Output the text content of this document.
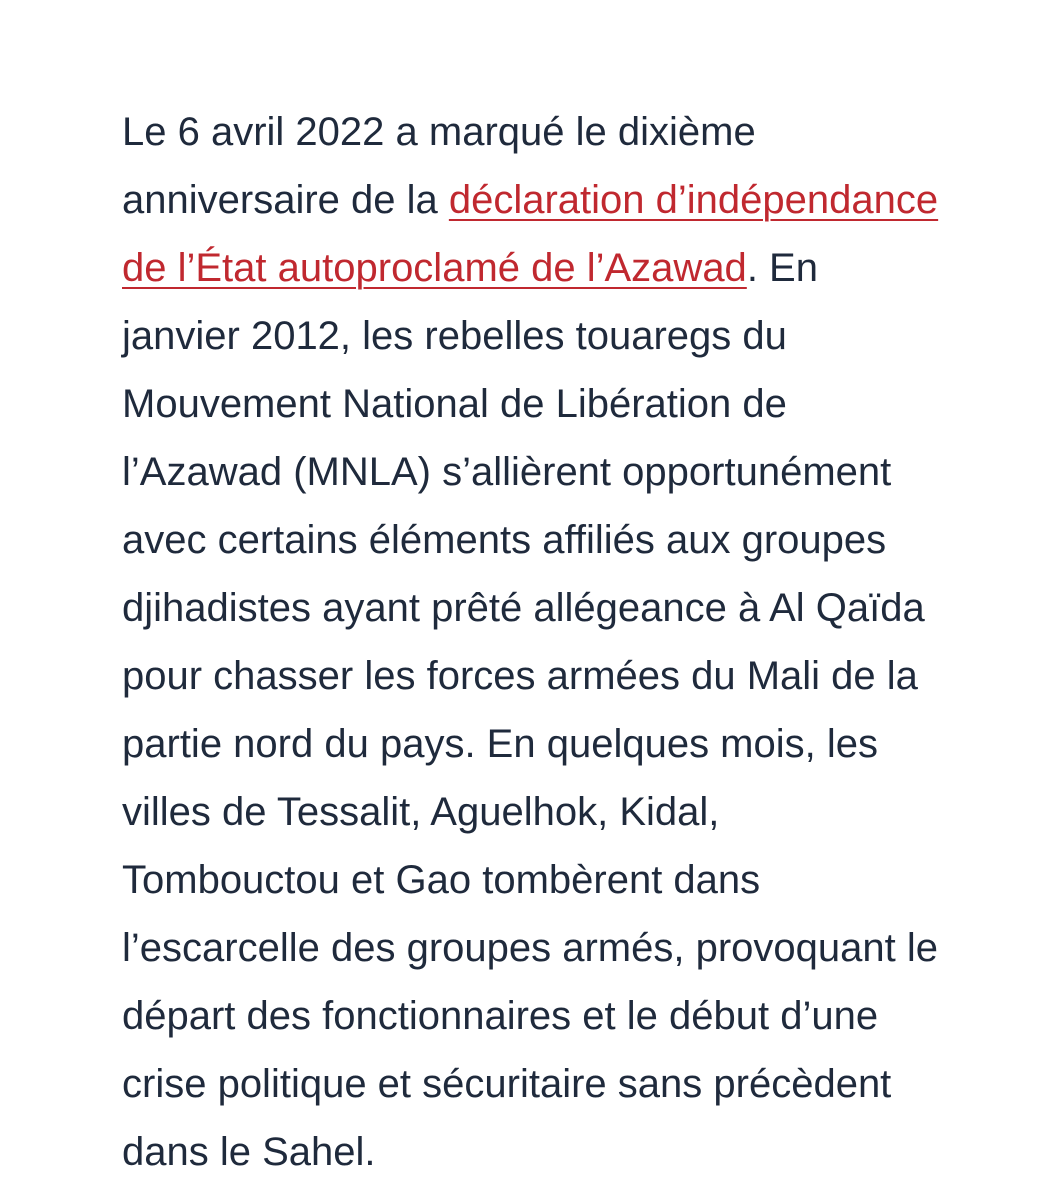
Le 6 avril 2022 a marqué le dixième anniversaire de la déclaration d’indépendance de l’État autoproclamé de l’Azawad. En janvier 2012, les rebelles touaregs du Mouvement National de Libération de l’Azawad (MNLA) s’allièrent opportunément avec certains éléments affiliés aux groupes djihadistes ayant prêté allégeance à Al Qaïda pour chasser les forces armées du Mali de la partie nord du pays. En quelques mois, les villes de Tessalit, Aguelhok, Kidal, Tombouctou et Gao tombèrent dans l’escarcelle des groupes armés, provoquant le départ des fonctionnaires et le début d’une crise politique et sécuritaire sans précèdent dans le Sahel.
